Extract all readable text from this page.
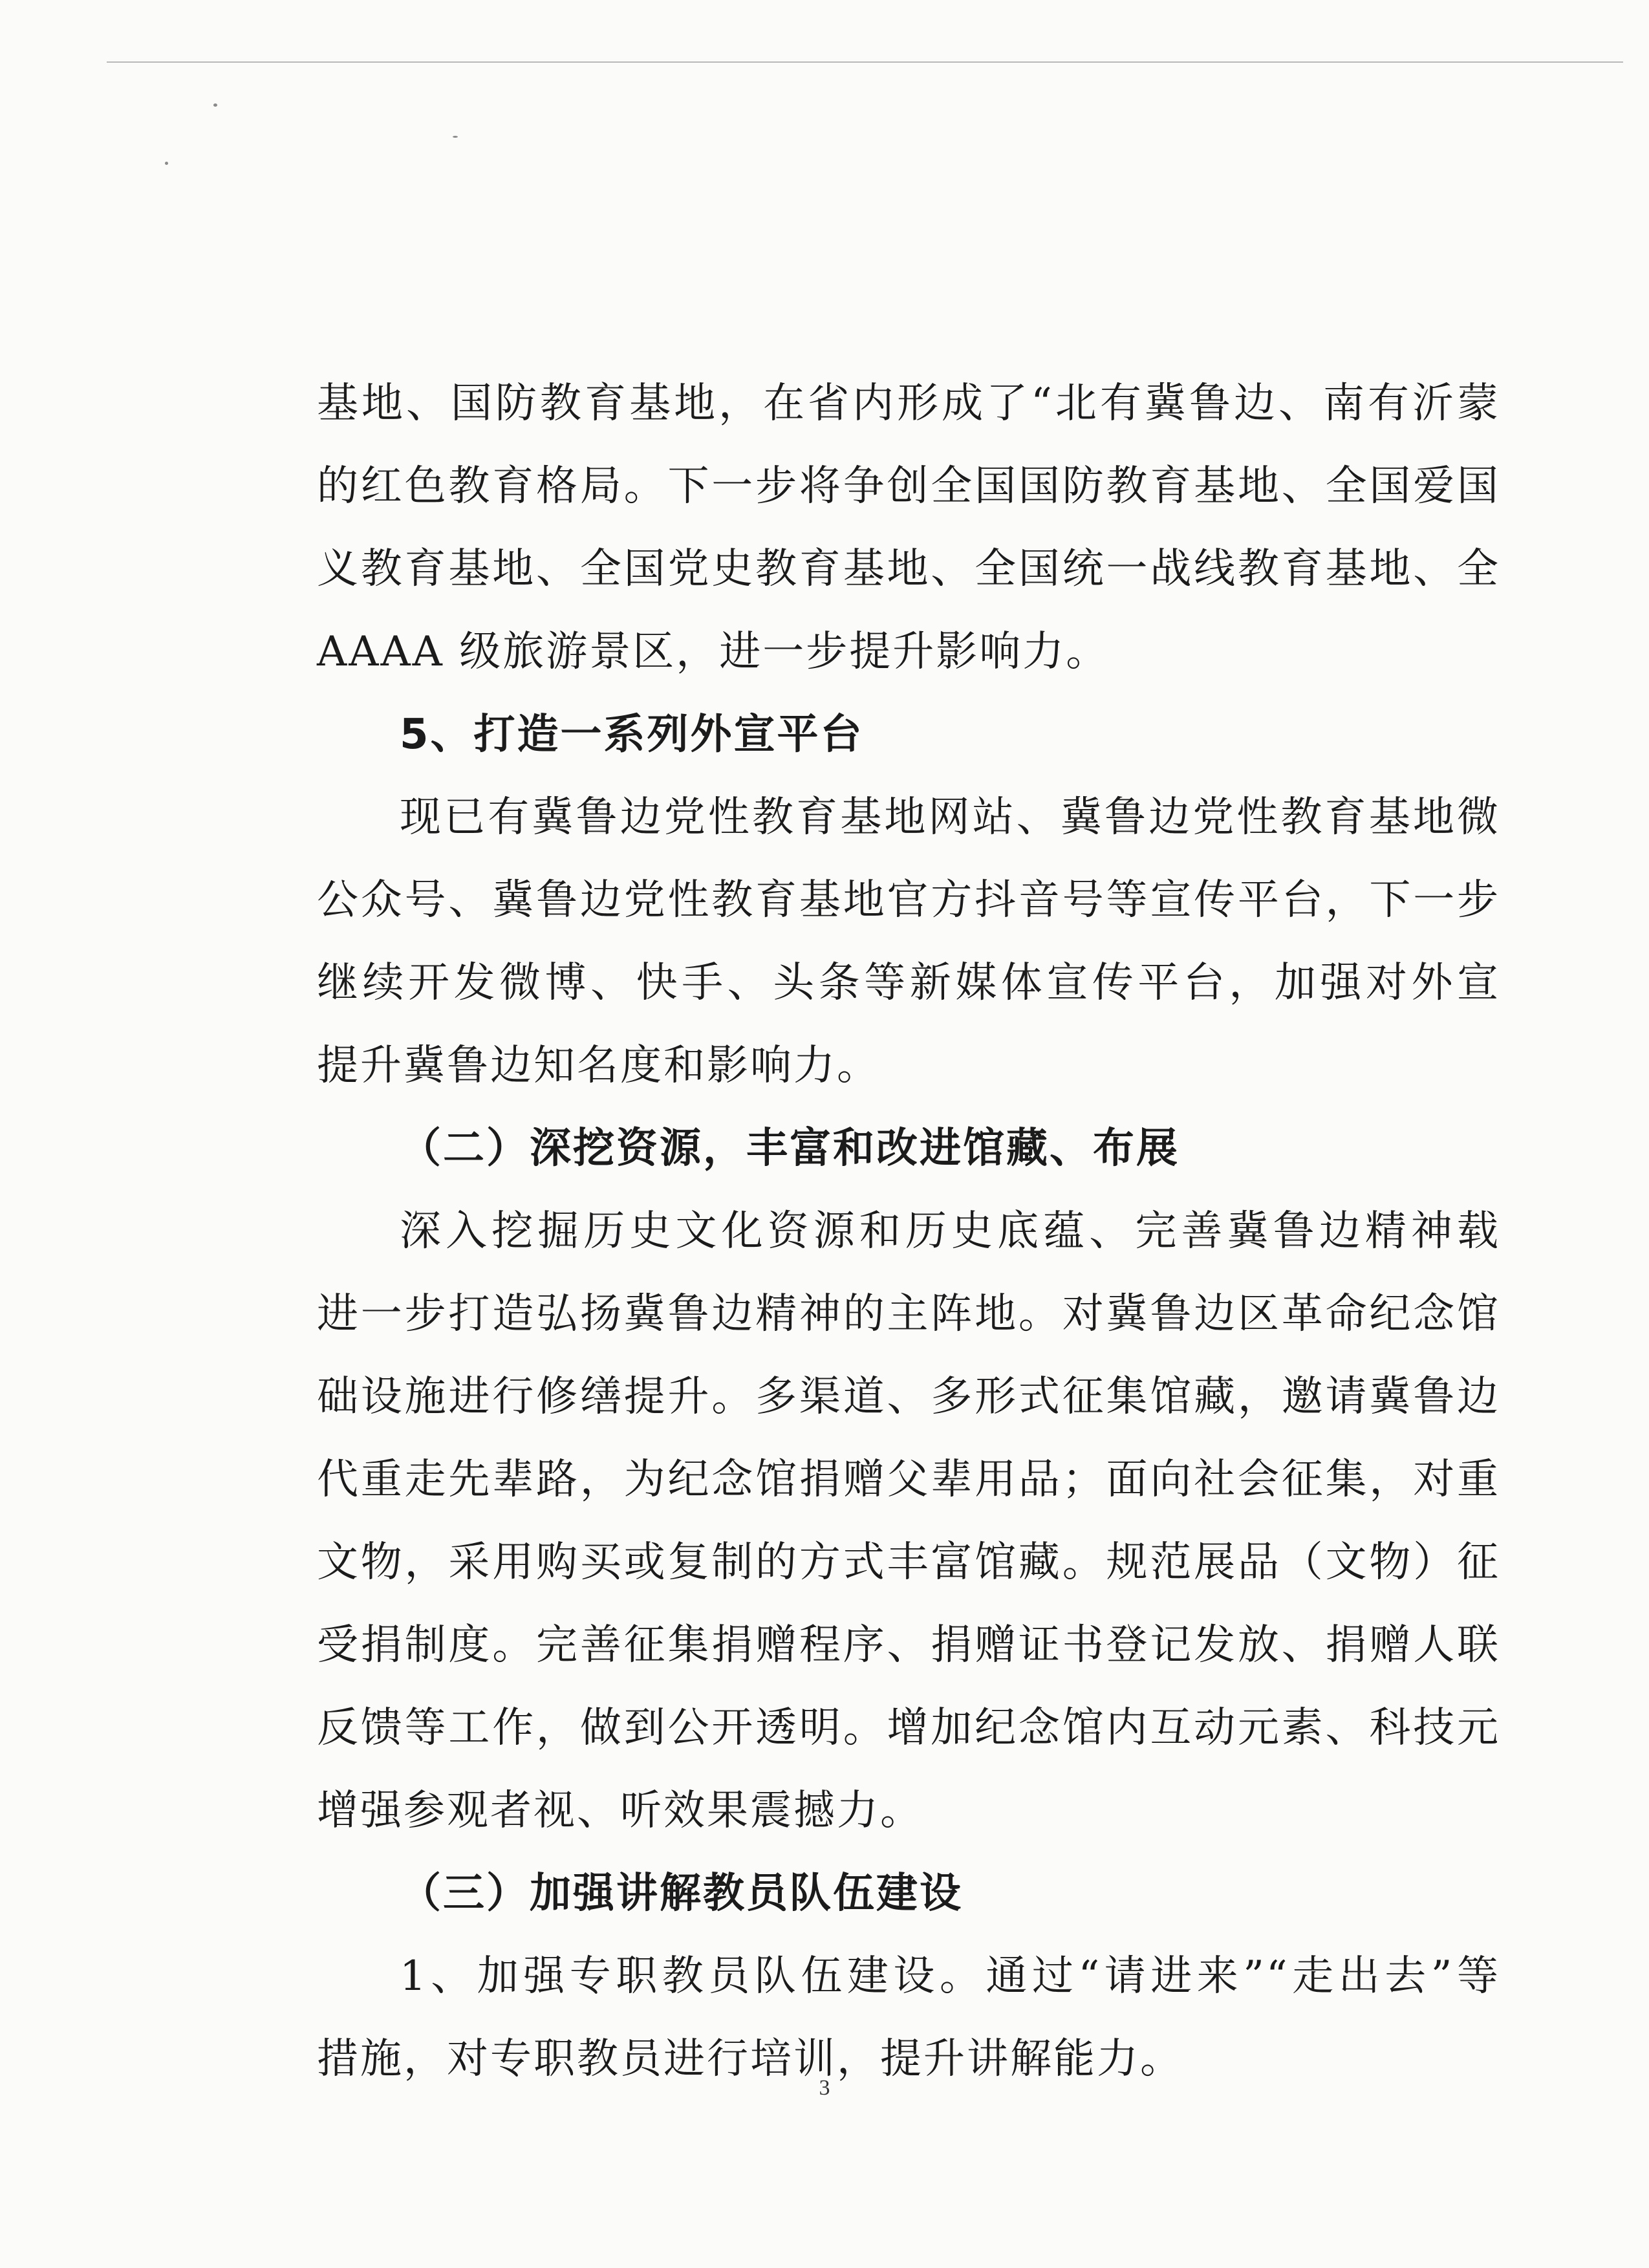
基地、国防教育基地，在省内形成了“北有冀鲁边、南有沂蒙
的红色教育格局。下一步将争创全国国防教育基地、全国爱国
义教育基地、全国党史教育基地、全国统一战线教育基地、全
AAAA 级旅游景区，进一步提升影响力。
5、打造一系列外宣平台
现已有冀鲁边党性教育基地网站、冀鲁边党性教育基地微
公众号、冀鲁边党性教育基地官方抖音号等宣传平台，下一步
继续开发微博、快手、头条等新媒体宣传平台，加强对外宣
提升冀鲁边知名度和影响力。
（二）深挖资源，丰富和改进馆藏、布展
深入挖掘历史文化资源和历史底蕴、完善冀鲁边精神载
进一步打造弘扬冀鲁边精神的主阵地。对冀鲁边区革命纪念馆
础设施进行修缮提升。多渠道、多形式征集馆藏，邀请冀鲁边
代重走先辈路，为纪念馆捐赠父辈用品；面向社会征集，对重
文物，采用购买或复制的方式丰富馆藏。规范展品（文物）征
受捐制度。完善征集捐赠程序、捐赠证书登记发放、捐赠人联
反馈等工作，做到公开透明。增加纪念馆内互动元素、科技元
增强参观者视、听效果震撼力。
（三）加强讲解教员队伍建设
1、加强专职教员队伍建设。通过“请进来”“走出去”等
措施，对专职教员进行培训，提升讲解能力。
3
